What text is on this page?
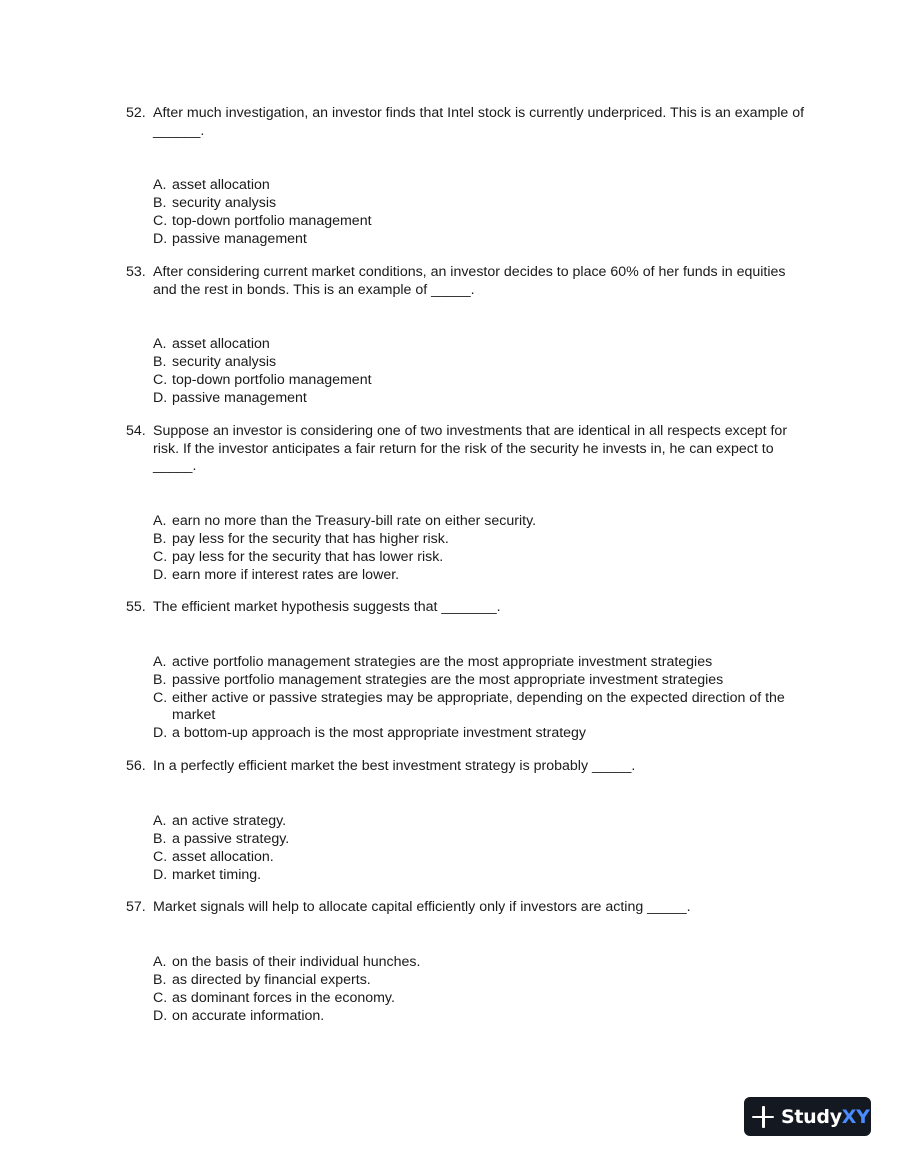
52. After much investigation, an investor finds that Intel stock is currently underpriced. This is an example of ______.
A. asset allocation
B. security analysis
C. top-down portfolio management
D. passive management
53. After considering current market conditions, an investor decides to place 60% of her funds in equities and the rest in bonds. This is an example of _____.
A. asset allocation
B. security analysis
C. top-down portfolio management
D. passive management
54. Suppose an investor is considering one of two investments that are identical in all respects except for risk. If the investor anticipates a fair return for the risk of the security he invests in, he can expect to _____.
A. earn no more than the Treasury-bill rate on either security.
B. pay less for the security that has higher risk.
C. pay less for the security that has lower risk.
D. earn more if interest rates are lower.
55. The efficient market hypothesis suggests that _______.
A. active portfolio management strategies are the most appropriate investment strategies
B. passive portfolio management strategies are the most appropriate investment strategies
C. either active or passive strategies may be appropriate, depending on the expected direction of the market
D. a bottom-up approach is the most appropriate investment strategy
56. In a perfectly efficient market the best investment strategy is probably _____.
A. an active strategy.
B. a passive strategy.
C. asset allocation.
D. market timing.
57. Market signals will help to allocate capital efficiently only if investors are acting _____.
A. on the basis of their individual hunches.
B. as directed by financial experts.
C. as dominant forces in the economy.
D. on accurate information.
StudyXY
